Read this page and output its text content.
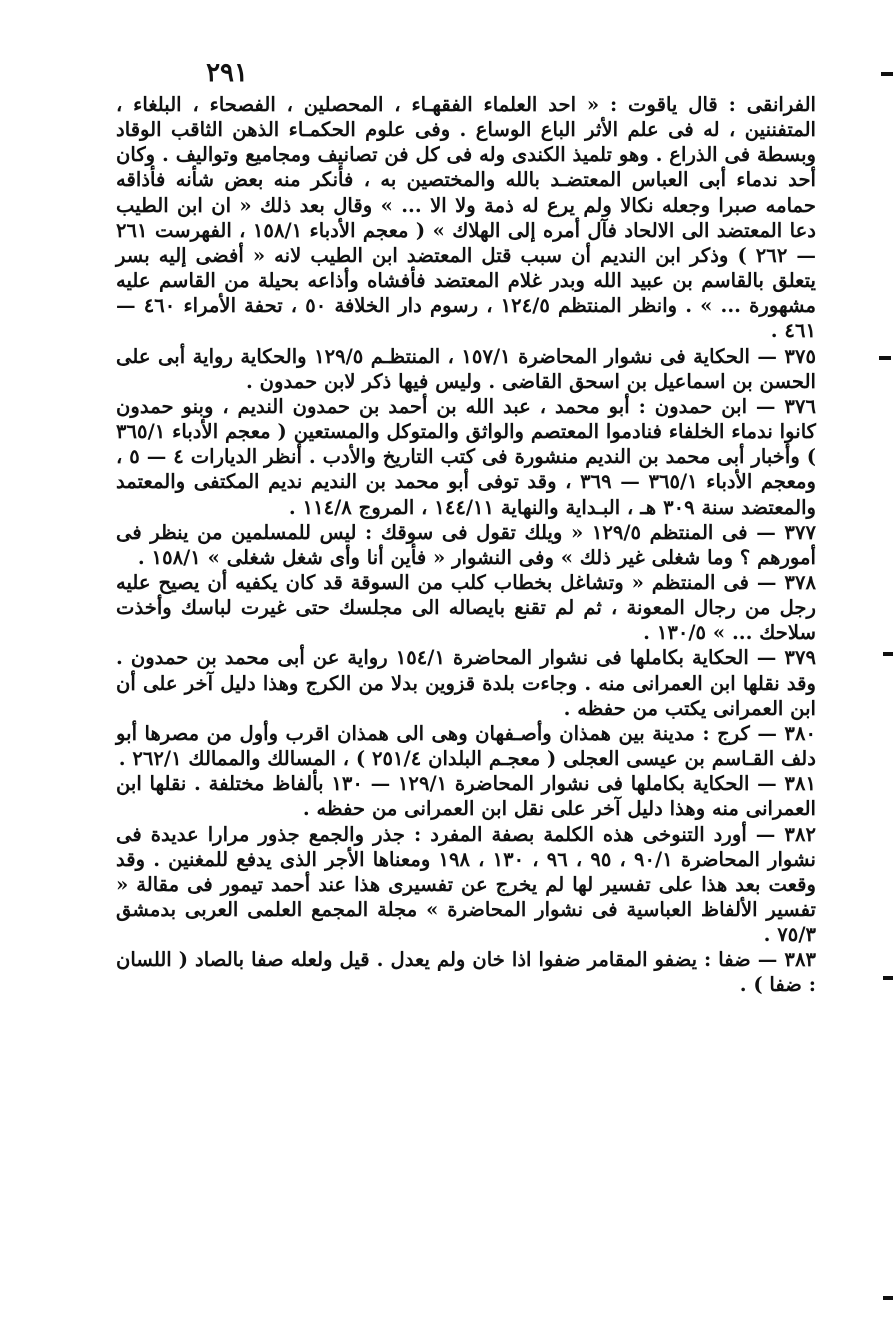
٢٩١

الفرانقى : قال ياقوت : « احد العلماء الفقهـاء ، المحصلين ، الفصحاء ، البلغاء ، المتفننين ، له فى علم الأثر الباع الوساع . وفى علوم الحكمـاء الذهن الثاقب الوقاد وبسطة فى الذراع . وهو تلميذ الكندى وله فى كل فن تصانيف ومجاميع وتواليف . وكان أحد ندماء أبى العباس المعتضـد بالله والمختصين به ، فأنكر منه بعض شأنه فأذاقه حمامه صبرا وجعله نكالا ولم يرع له ذمة ولا الا ... » وقال بعد ذلك « ان ابن الطيب دعا المعتضد الى الالحاد فآل أمره إلى الهلاك » ( معجم الأدباء ١٥٨/١ ، الفهرست ٢٦١ — ٢٦٢ ) وذكر ابن النديم أن سبب قتل المعتضد ابن الطيب لانه « أفضى إليه بسر يتعلق بالقاسم بن عبيد الله وبدر غلام المعتضد فأفشاه وأذاعه بحيلة من القاسم عليه مشهورة ... » . وانظر المنتظم ١٢٤/٥ ، رسوم دار الخلافة ٥٠ ، تحفة الأمراء ٤٦٠ — ٤٦١ .

٣٧٥ — الحكاية فى نشوار المحاضرة ١٥٧/١ ، المنتظـم ١٢٩/٥ والحكاية رواية أبى على الحسن بن اسماعيل بن اسحق القاضى . وليس فيها ذكر لابن حمدون .

٣٧٦ — ابن حمدون : أبو محمد ، عبد الله بن أحمد بن حمدون النديم ، وبنو حمدون كانوا ندماء الخلفاء فنادموا المعتصم والواثق والمتوكل والمستعين ( معجم الأدباء ٣٦٥/١ ) وأخبار أبى محمد بن النديم منشورة فى كتب التاريخ والأدب . أنظر الديارات ٤ — ٥ ، ومعجم الأدباء ٣٦٥/١ — ٣٦٩ ، وقد توفى أبو محمد بن النديم نديم المكتفى والمعتمد والمعتضد سنة ٣٠٩ هـ ، البـداية والنهاية ١٤٤/١١ ، المروج ١١٤/٨ .

٣٧٧ — فى المنتظم ١٢٩/٥ « ويلك تقول فى سوقك : ليس للمسلمين من ينظر فى أمورهم ؟ وما شغلى غير ذلك » وفى النشوار « فأين أنا وأى شغل شغلى » ١٥٨/١ .

٣٧٨ — فى المنتظم « وتشاغل بخطاب كلب من السوقة قد كان يكفيه أن يصيح عليه رجل من رجال المعونة ، ثم لم تقنع بايصاله الى مجلسك حتى غيرت لباسك وأخذت سلاحك ... » ١٣٠/٥ .

٣٧٩ — الحكاية بكاملها فى نشوار المحاضرة ١٥٤/١ رواية عن أبى محمد بن حمدون . وقد نقلها ابن العمرانى منه . وجاءت بلدة قزوين بدلا من الكرج وهذا دليل آخر على أن ابن العمرانى يكتب من حفظه .

٣٨٠ — كرج : مدينة بين همذان وأصـفهان وهى الى همذان اقرب وأول من مصرها أبو دلف القـاسم بن عيسى العجلى ( معجـم البلدان ٢٥١/٤ ) ، المسالك والممالك ٢٦٢/١ .

٣٨١ — الحكاية بكاملها فى نشوار المحاضرة ١٢٩/١ — ١٣٠ بألفاظ مختلفة . نقلها ابن العمرانى منه وهذا دليل آخر على نقل ابن العمرانى من حفظه .

٣٨٢ — أورد التنوخى هذه الكلمة بصفة المفرد : جذر والجمع جذور مرارا عديدة فى نشوار المحاضرة ٩٠/١ ، ٩٥ ، ٩٦ ، ١٣٠ ، ١٩٨ ومعناها الأجر الذى يدفع للمغنين . وقد وقعت بعد هذا على تفسير لها لم يخرج عن تفسيرى هذا عند أحمد تيمور فى مقالة « تفسير الألفاظ العباسية فى نشوار المحاضرة » مجلة المجمع العلمى العربى بدمشق ٧٥/٣ .

٣٨٣ — ضفا : يضفو المقامر ضفوا اذا خان ولم يعدل . قيل ولعله صفا بالصاد ( اللسان : ضفا ) .
